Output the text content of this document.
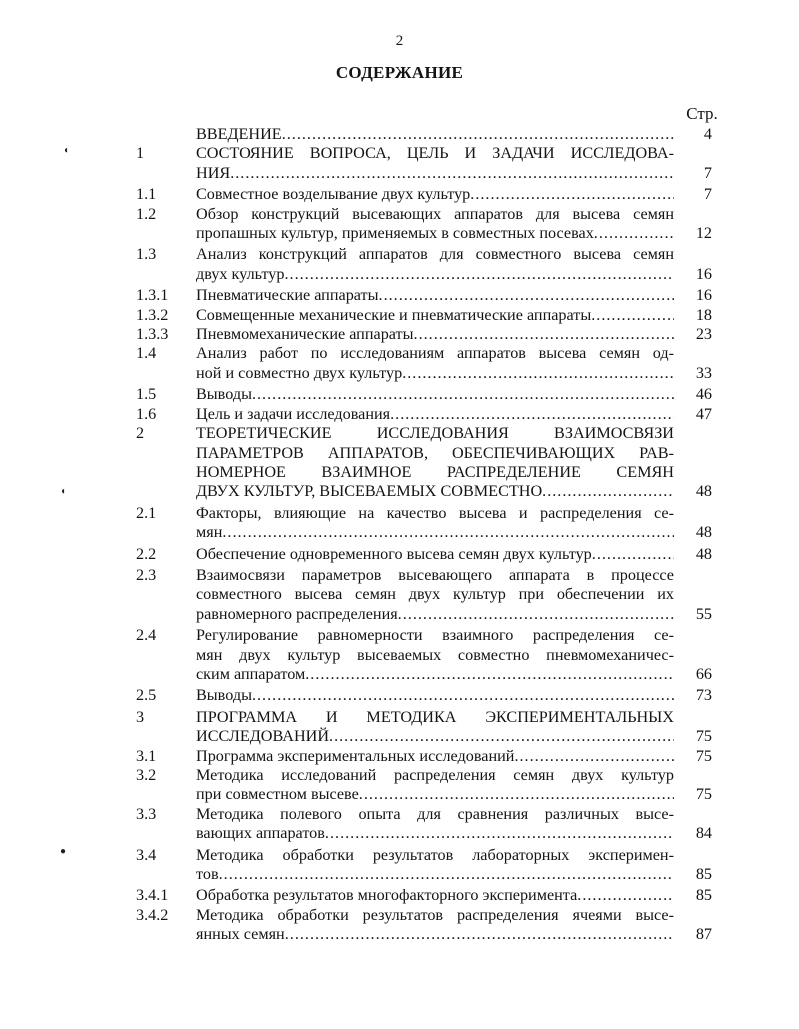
2
СОДЕРЖАНИЕ
Стр.
◖
◖
●
ВВЕДЕНИЕ .....	4
1	СОСТОЯНИЕ ВОПРОСА, ЦЕЛЬ И ЗАДАЧИ ИССЛЕДОВА-
НИЯ .....	7
1.1	Совместное возделывание двух культур .....	7
1.2	Обзор конструкций высевающих аппаратов для высева семян
пропашных культур, применяемых в совместных посевах .....	12
1.3	Анализ конструкций аппаратов для совместного высева семян
двух культур .....	16
1.3.1	Пневматические аппараты .....	16
1.3.2	Совмещенные механические и пневматические аппараты .....	18
1.3.3	Пневмомеханические аппараты .....	23
1.4	Анализ работ по исследованиям аппаратов высева семян од-
ной и совместно двух культур .....	33
1.5	Выводы .....	46
1.6	Цель и задачи исследования .....	47
2	ТЕОРЕТИЧЕСКИЕ ИССЛЕДОВАНИЯ ВЗАИМОСВЯЗИ
ПАРАМЕТРОВ АППАРАТОВ, ОБЕСПЕЧИВАЮЩИХ РАВ-
НОМЕРНОЕ ВЗАИМНОЕ РАСПРЕДЕЛЕНИЕ СЕМЯН
ДВУХ КУЛЬТУР, ВЫСЕВАЕМЫХ СОВМЕСТНО .....	48
2.1	Факторы, влияющие на качество высева и распределения се-
мян .....	48
2.2	Обеспечение одновременного высева семян двух культур .....	48
2.3	Взаимосвязи параметров высевающего аппарата в процессе
совместного высева семян двух культур при обеспечении их
равномерного распределения .....	55
2.4	Регулирование равномерности взаимного распределения се-
мян двух культур высеваемых совместно пневмомеханичес-
ским аппаратом .....	66
2.5	Выводы .....	73
3	ПРОГРАММА И МЕТОДИКА ЭКСПЕРИМЕНТАЛЬНЫХ
ИССЛЕДОВАНИЙ .....	75
3.1	Программа экспериментальных исследований .....	75
3.2	Методика исследований распределения семян двух культур
при совместном высеве .....	75
3.3	Методика полевого опыта для сравнения различных высе-
вающих аппаратов .....	84
3.4	Методика обработки результатов лабораторных эксперимен-
тов .....	85
3.4.1	Обработка результатов многофакторного эксперимента .....	85
3.4.2	Методика обработки результатов распределения ячеями высе-
янных семян .....	87
